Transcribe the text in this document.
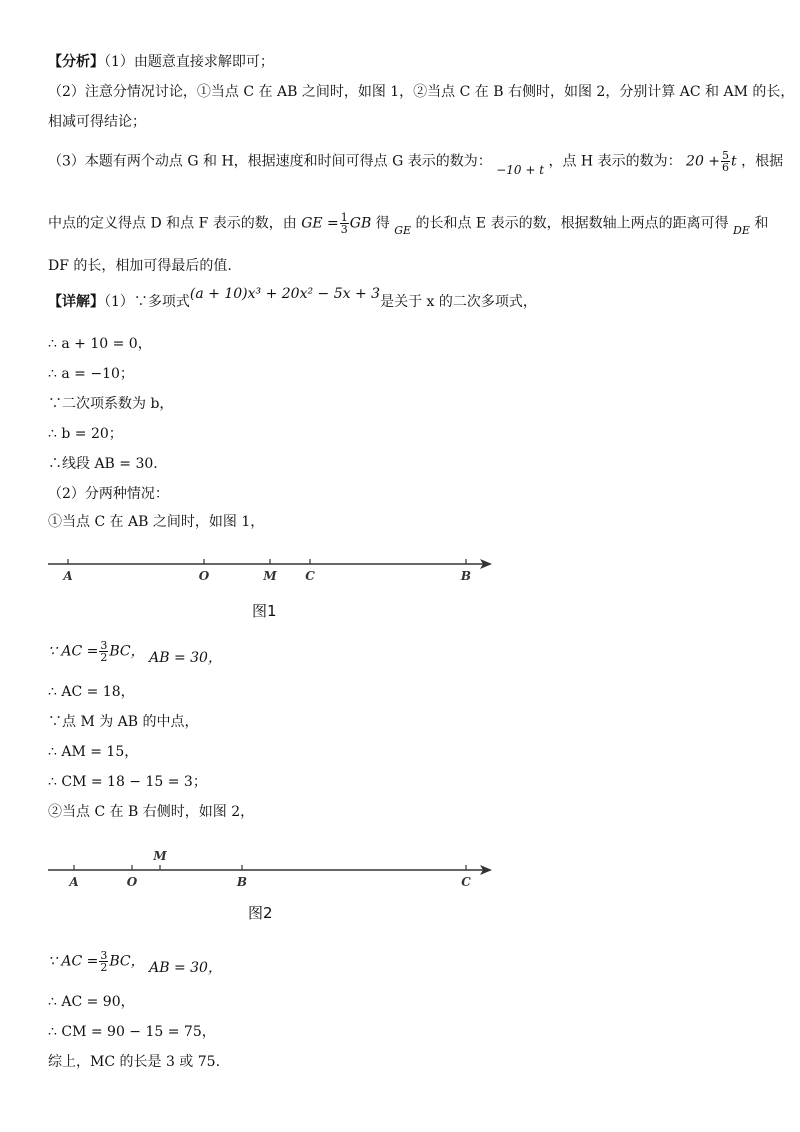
【分析】（1）由题意直接求解即可；
（2）注意分情况讨论，①当点 C 在 AB 之间时，如图 1，②当点 C 在 B 右侧时，如图 2，分别计算 AC 和 AM 的长，
相减可得结论；
（3）本题有两个动点 G 和 H，根据速度和时间可得点 G 表示的数为： −10 + t ，点 H 表示的数为： $20 + \frac{5}{6}$ t ，根据
中点的定义得点 D 和点 F 表示的数，由 GE = $\frac{1}{3}$ GB 得 $_{GE}$ 的长和点 E 表示的数，根据数轴上两点的距离可得 $_{DE}$ 和
DF 的长，相加可得最后的值.
【详解】（1）∵多项式(a + 10)x³ + 20x² − 5x + 3是关于 x 的二次多项式，
∴ a + 10 = 0，
∴ a = −10；
∵二次项系数为 b，
∴ b = 20；
∴线段 AB = 30.
（2）分两种情况：
①当点 C 在 AB 之间时，如图 1，
A	O	M C	B
图1
∵ AC = $\frac{3}{2}$ BC， AB = 30，
∴ AC = 18，
∵点 M 为 AB 的中点，
∴ AM = 15，
∴ CM = 18 − 15 = 3；
②当点 C 在 B 右侧时，如图 2，
A	O
M
B	C
图2
∵ AC = $\frac{3}{2}$ BC， AB = 30，
∴ AC = 90，
∴ CM = 90 − 15 = 75，
综上，MC 的长是 3 或 75.
